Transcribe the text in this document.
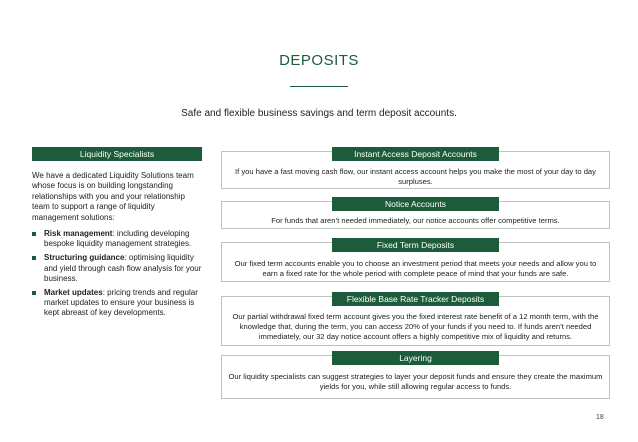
DEPOSITS
Safe and flexible business savings and term deposit accounts.
Liquidity Specialists
We have a dedicated Liquidity Solutions team whose focus is on building longstanding relationships with you and your relationship team to support a range of liquidity management solutions:
Risk management: including developing bespoke liquidity management strategies.
Structuring guidance: optimising liquidity and yield through cash flow analysis for your business.
Market updates: pricing trends and regular market updates to ensure your business is kept abreast of key developments.
Instant Access Deposit Accounts
If you have a fast moving cash flow, our instant access account helps you make the most of your day to day surpluses.
Notice Accounts
For funds that aren’t needed immediately, our notice accounts offer competitive terms.
Fixed Term Deposits
Our fixed term accounts enable you to choose an investment period that meets your needs and allow you to earn a fixed rate for the whole period with complete peace of mind that your funds are safe.
Flexible Base Rate Tracker Deposits
Our partial withdrawal fixed term account gives you the fixed interest rate benefit of a 12 month term, with the knowledge that, during the term, you can access 20% of your funds if you need to. If funds aren’t needed immediately, our 32 day notice account offers a highly competitive mix of liquidity and returns.
Layering
Our liquidity specialists can suggest strategies to layer your deposit funds and ensure they create the maximum yields for you, while still allowing regular access to funds.
18
